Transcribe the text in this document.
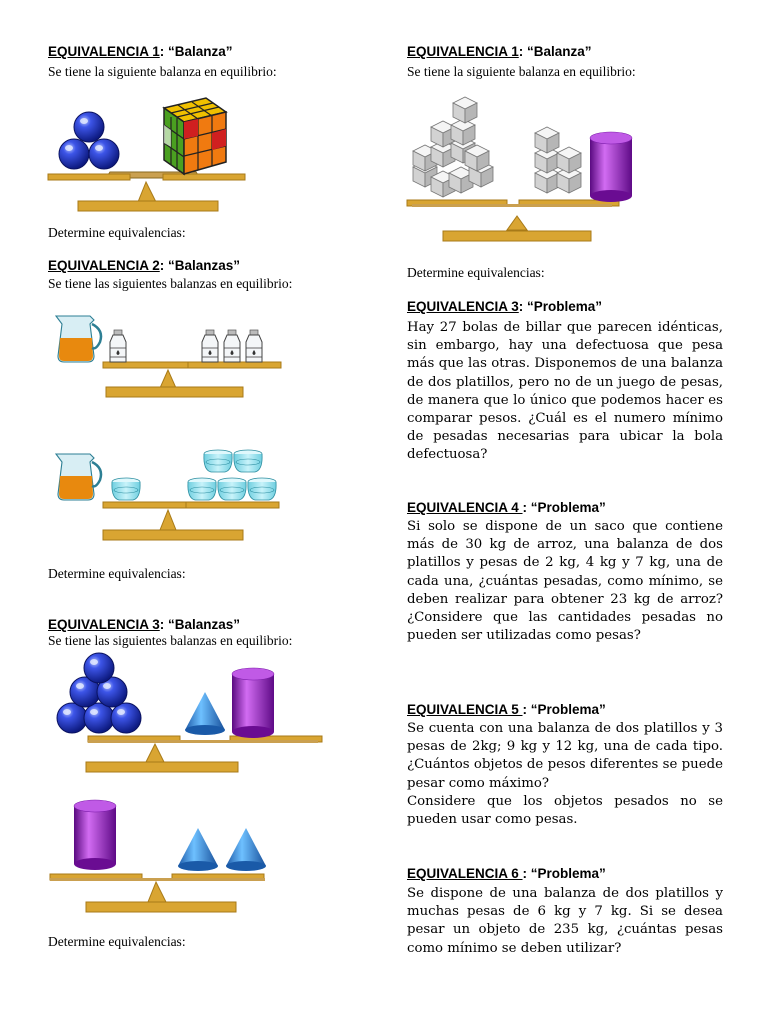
EQUIVALENCIA 1: “Balanza”
Se tiene la siguiente balanza en equilibrio:
Determine equivalencias:
EQUIVALENCIA 2: “Balanzas”
Se tiene las siguientes balanzas en equilibrio:
Determine equivalencias:
EQUIVALENCIA 3: “Balanzas”
Se tiene las siguientes balanzas en equilibrio:
Determine equivalencias:
EQUIVALENCIA 1: “Balanza”
Se tiene la siguiente balanza en equilibrio:
Determine equivalencias:
EQUIVALENCIA 3: “Problema”

Hay 27 bolas de billar que parecen idénticas, sin embargo, hay una defectuosa que pesa más que las otras. Disponemos de una balanza de dos platillos, pero no de un juego de pesas, de manera que lo único que podemos hacer es comparar pesos. ¿Cuál es el numero mínimo de pesadas necesarias para ubicar la bola defectuosa?

EQUIVALENCIA 4 : “Problema”

Si solo se dispone de un saco que contiene más de 30 kg de arroz, una balanza de dos platillos y pesas de 2 kg, 4 kg y 7 kg, una de cada una, ¿cuántas pesadas, como mínimo, se deben realizar para obtener 23 kg de arroz? ¿Considere que las cantidades pesadas no pueden ser utilizadas como pesas?

EQUIVALENCIA 5 : “Problema”

Se cuenta con una balanza de dos platillos y 3 pesas de 2kg; 9 kg y 12 kg, una de cada tipo. ¿Cuántos objetos de pesos diferentes se puede pesar como máximo?

Considere que los objetos pesados no se pueden usar como pesas.

EQUIVALENCIA 6 : “Problema”

Se dispone de una balanza de dos platillos y muchas pesas de 6 kg y 7 kg. Si se desea pesar un objeto de 235 kg, ¿cuántas pesas como mínimo se deben utilizar?
